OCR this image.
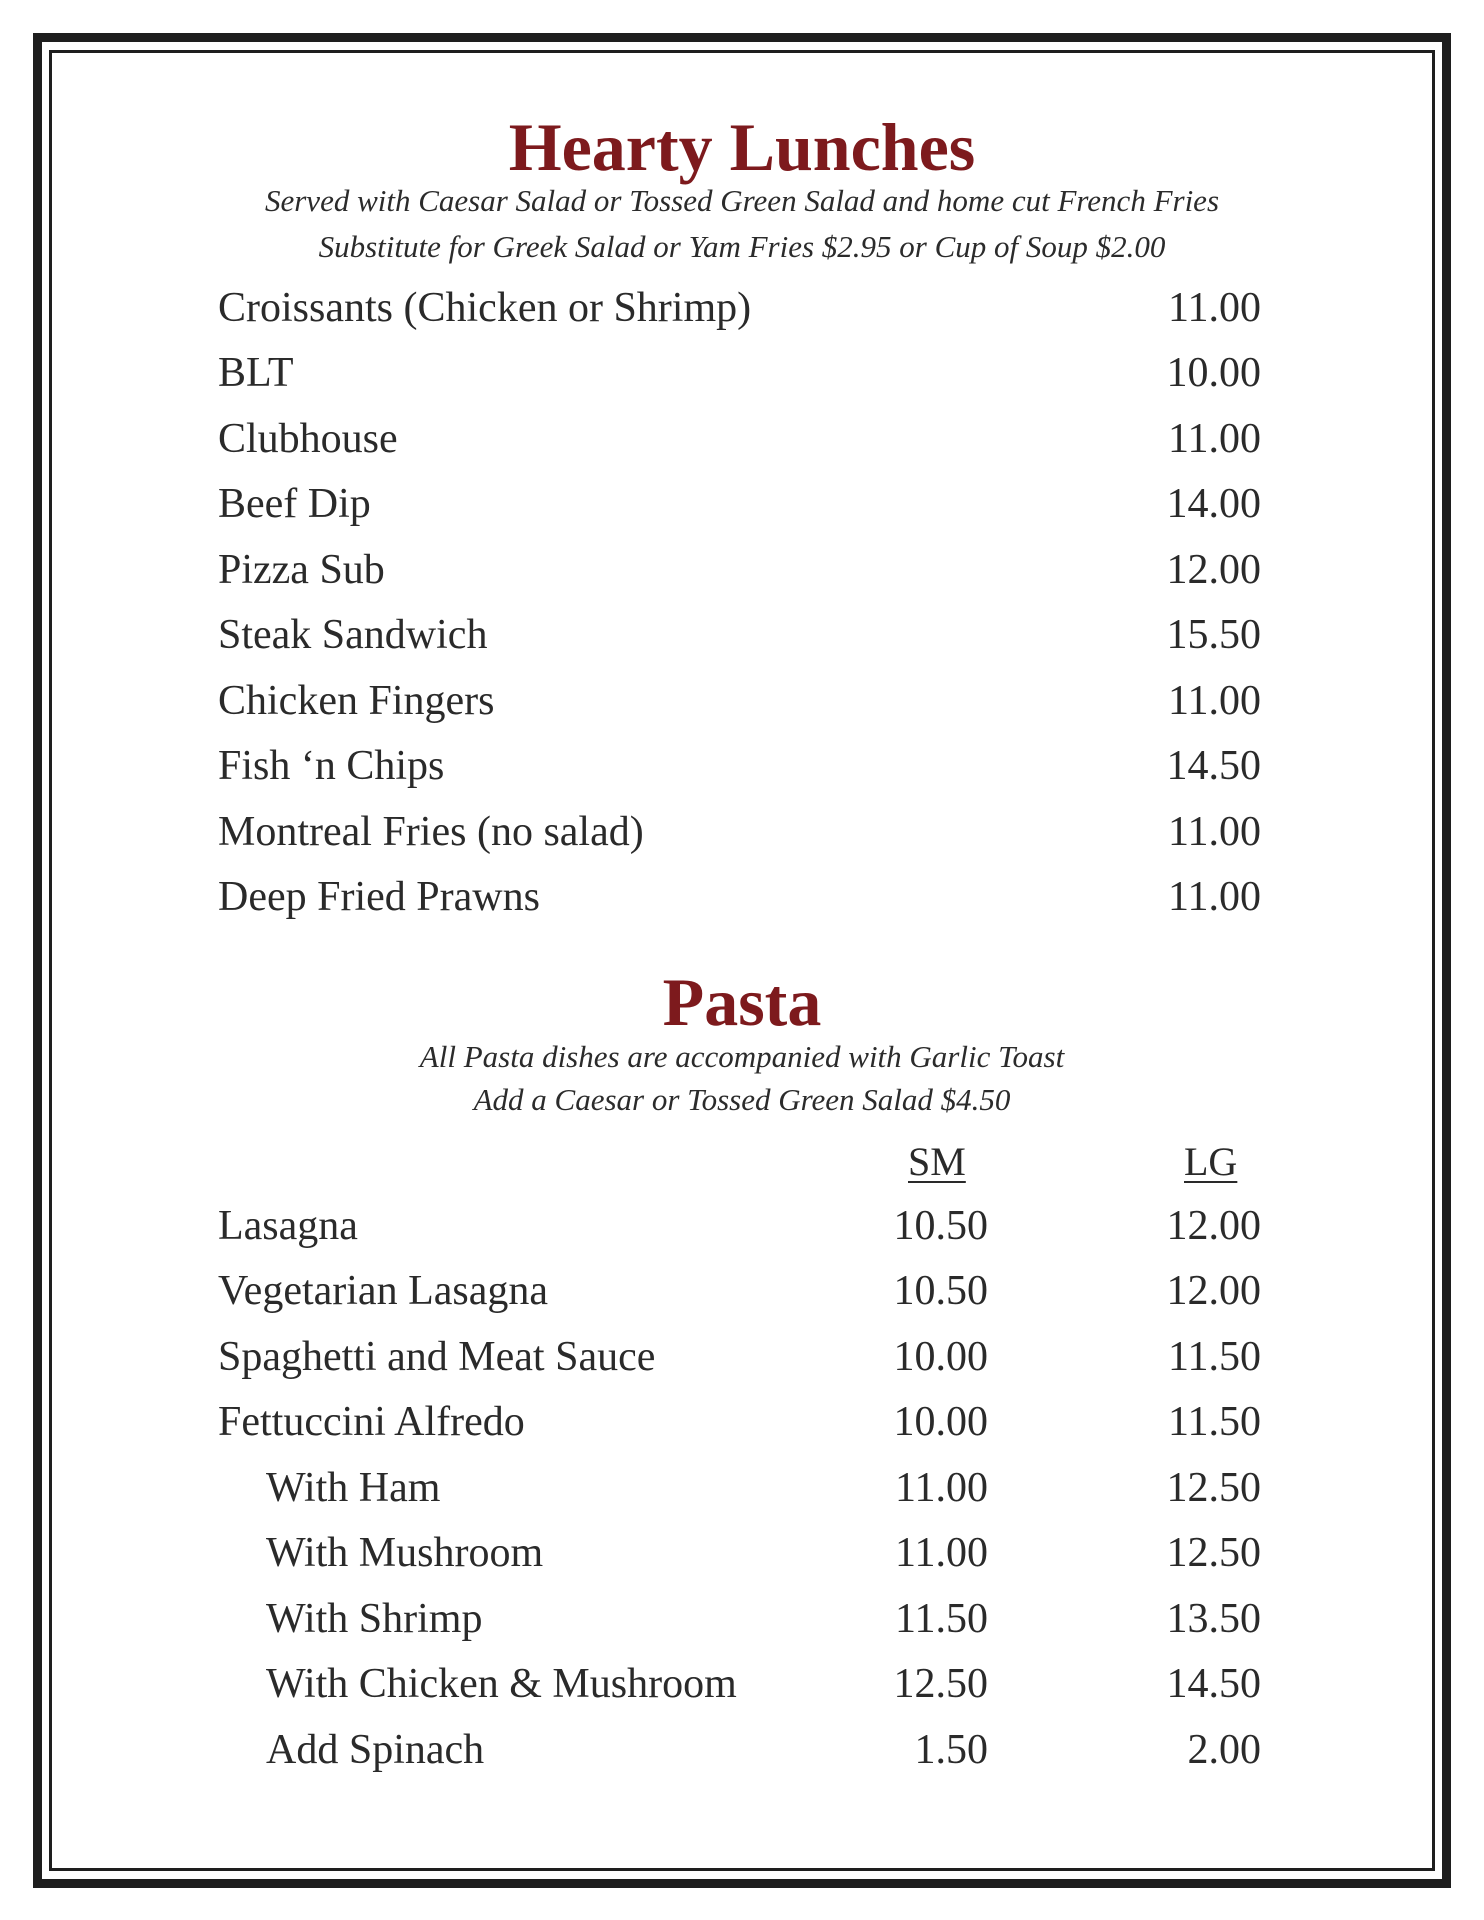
Hearty Lunches
Served with Caesar Salad or Tossed Green Salad and home cut French Fries
Substitute for Greek Salad or Yam Fries $2.95 or Cup of Soup $2.00
Croissants (Chicken or Shrimp)	11.00
BLT	10.00
Clubhouse	11.00
Beef Dip	14.00
Pizza Sub	12.00
Steak Sandwich	15.50
Chicken Fingers	11.00
Fish ‘n Chips	14.50
Montreal Fries (no salad)	11.00
Deep Fried Prawns	11.00
Pasta
All Pasta dishes are accompanied with Garlic Toast
Add a Caesar or Tossed Green Salad $4.50
SM	LG
Lasagna	10.50	12.00
Vegetarian Lasagna	10.50	12.00
Spaghetti and Meat Sauce	10.00	11.50
Fettuccini Alfredo	10.00	11.50
With Ham	11.00	12.50
With Mushroom	11.00	12.50
With Shrimp	11.50	13.50
With Chicken & Mushroom	12.50	14.50
Add Spinach	1.50	2.00
